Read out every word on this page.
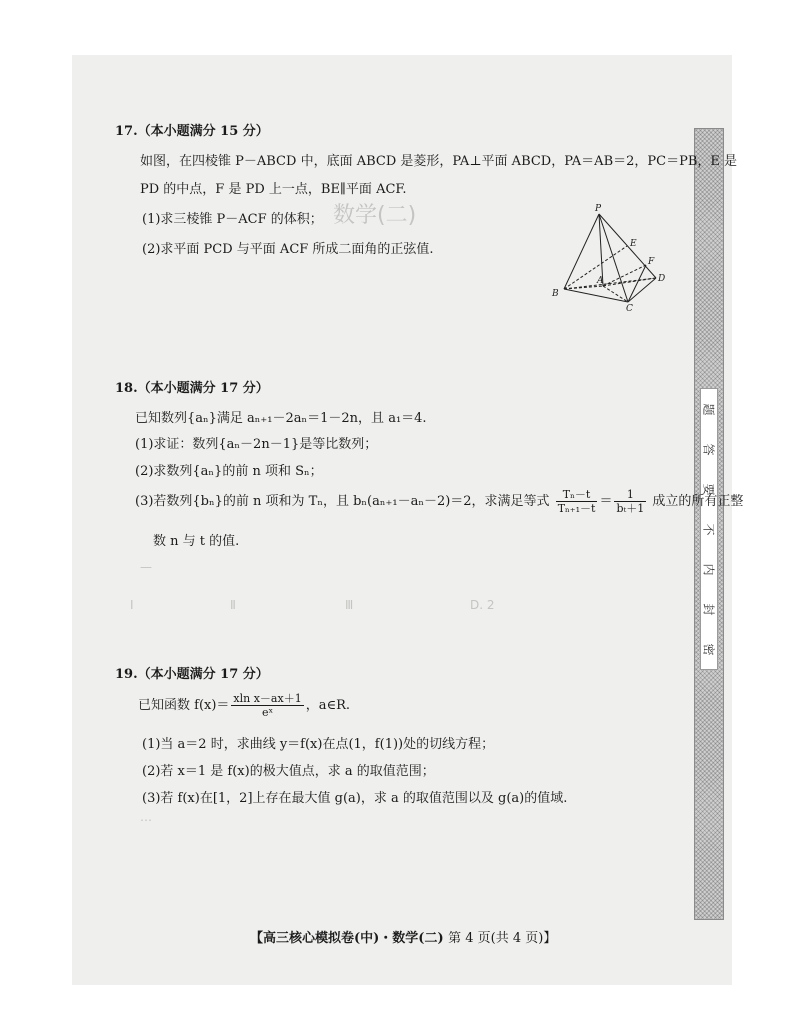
数学(二)
Ⅰ	Ⅱ	Ⅲ
—
D. 2
…
题
答
要
不
内
封
密
17.（本小题满分 15 分）
如图，在四棱锥 P－ABCD 中，底面 ABCD 是菱形，PA⊥平面 ABCD，PA＝AB＝2，PC＝PB，E 是
PD 的中点，F 是 PD 上一点，BE∥平面 ACF.
(1)求三棱锥 P－ACF 的体积；
(2)求平面 PCD 与平面 ACF 所成二面角的正弦值.
P
E
F
A
B
C
D
18.（本小题满分 17 分）
已知数列{aₙ}满足 aₙ₊₁－2aₙ＝1－2n，且 a₁＝4.
(1)求证：数列{aₙ－2n－1}是等比数列；
(2)求数列{aₙ}的前 n 项和 Sₙ；
(3)若数列{bₙ}的前 n 项和为 Tₙ，且 bₙ(aₙ₊₁－aₙ－2)＝2，求满足等式 $\frac{\text{Tₙ－t}}{\text{Tₙ₊₁－t}} = \frac{1}{\text{bₜ＋1}}$ 成立的所有正整
数 n 与 t 的值.
19.（本小题满分 17 分）
已知函数 $f(x)= \frac{\text{xln x－ax＋1}}{\text{eˣ}}$ ，a∈R.
(1)当 a＝2 时，求曲线 y＝f(x)在点(1，f(1))处的切线方程；
(2)若 x＝1 是 f(x)的极大值点，求 a 的取值范围；
(3)若 f(x)在[1，2]上存在最大值 g(a)，求 a 的取值范围以及 g(a)的值域.
【高三核心模拟卷(中)・数学(二) 第 4 页(共 4 页)】
